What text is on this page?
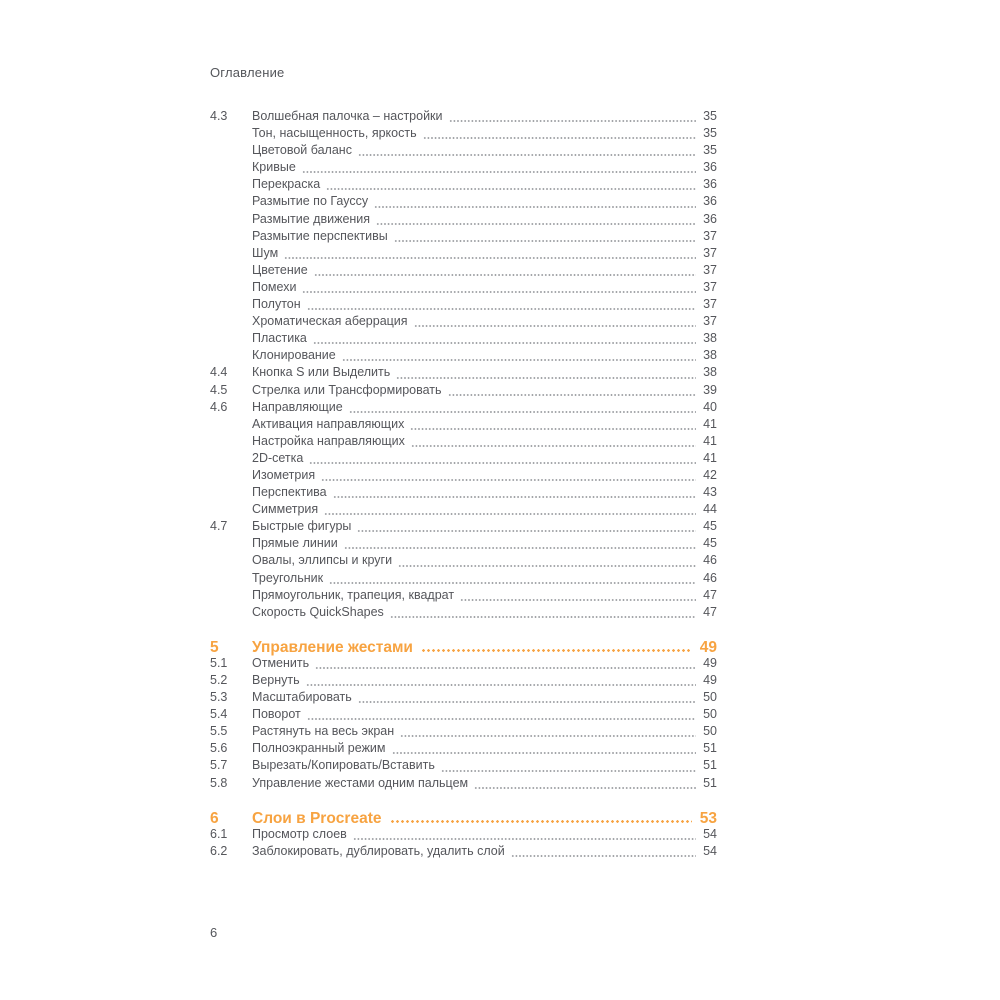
Оглавление
4.3	Волшебная палочка – настройки	35
Тон, насыщенность, яркость	35
Цветовой баланс	35
Кривые	36
Перекраска	36
Размытие по Гауссу	36
Размытие движения	36
Размытие перспективы	37
Шум	37
Цветение	37
Помехи	37
Полутон	37
Хроматическая аберрация	37
Пластика	38
Клонирование	38
4.4	Кнопка S или Выделить	38
4.5	Стрелка или Трансформировать	39
4.6	Направляющие	40
Активация направляющих	41
Настройка направляющих	41
2D-сетка	41
Изометрия	42
Перспектива	43
Симметрия	44
4.7	Быстрые фигуры	45
Прямые линии	45
Овалы, эллипсы и круги	46
Треугольник	46
Прямоугольник, трапеция, квадрат	47
Скорость QuickShapes	47
5	Управление жестами	49
5.1	Отменить	49
5.2	Вернуть	49
5.3	Масштабировать	50
5.4	Поворот	50
5.5	Растянуть на весь экран	50
5.6	Полноэкранный режим	51
5.7	Вырезать/Копировать/Вставить	51
5.8	Управление жестами одним пальцем	51
6	Слои в Procreate	53
6.1	Просмотр слоев	54
6.2	Заблокировать, дублировать, удалить слой	54
6
